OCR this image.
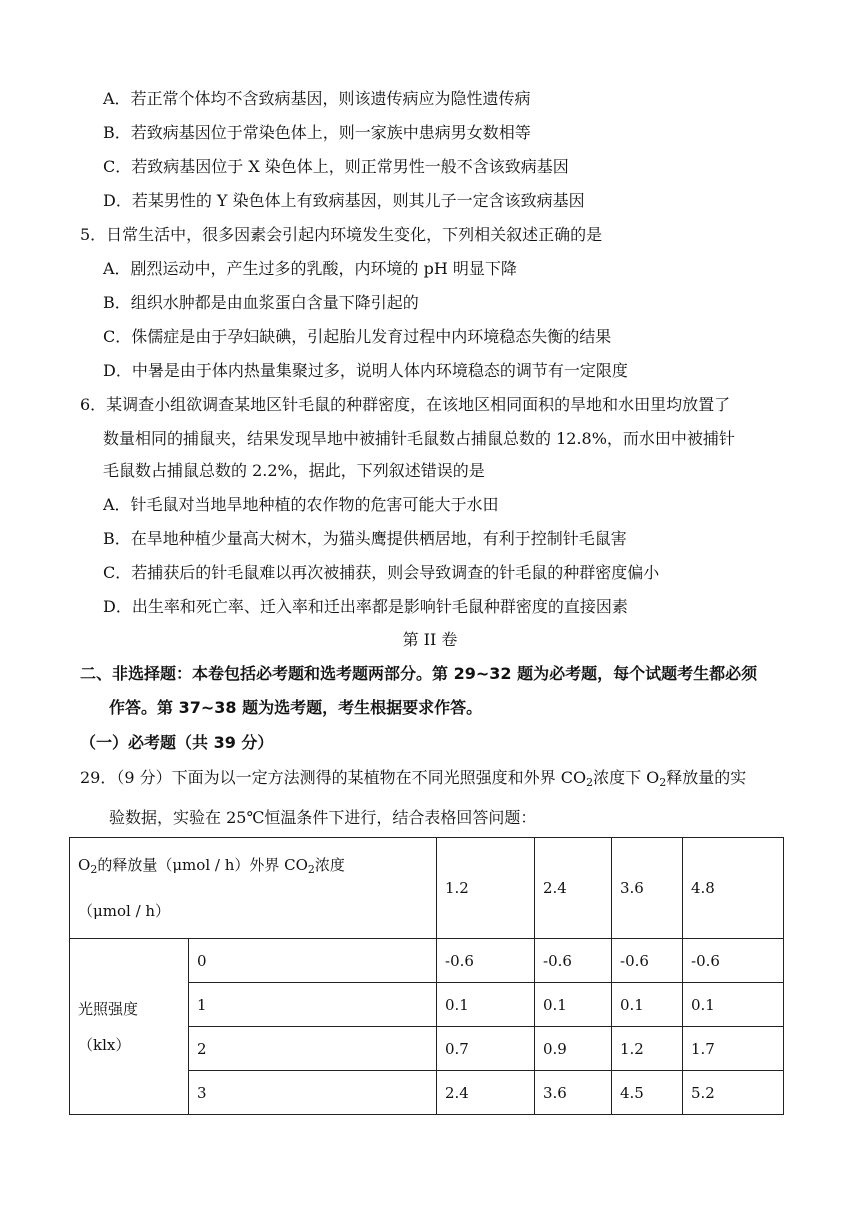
A．若正常个体均不含致病基因，则该遗传病应为隐性遗传病
B．若致病基因位于常染色体上，则一家族中患病男女数相等
C．若致病基因位于 X 染色体上，则正常男性一般不含该致病基因
D．若某男性的 Y 染色体上有致病基因，则其儿子一定含该致病基因
5．日常生活中，很多因素会引起内环境发生变化，下列相关叙述正确的是
A．剧烈运动中，产生过多的乳酸，内环境的 pH 明显下降
B．组织水肿都是由血浆蛋白含量下降引起的
C．侏儒症是由于孕妇缺碘，引起胎儿发育过程中内环境稳态失衡的结果
D．中暑是由于体内热量集聚过多，说明人体内环境稳态的调节有一定限度
6．某调查小组欲调查某地区针毛鼠的种群密度，在该地区相同面积的旱地和水田里均放置了
数量相同的捕鼠夹，结果发现旱地中被捕针毛鼠数占捕鼠总数的 12.8%，而水田中被捕针
毛鼠数占捕鼠总数的 2.2%，据此，下列叙述错误的是
A．针毛鼠对当地旱地种植的农作物的危害可能大于水田
B．在旱地种植少量高大树木，为猫头鹰提供栖居地，有利于控制针毛鼠害
C．若捕获后的针毛鼠难以再次被捕获，则会导致调查的针毛鼠的种群密度偏小
D．出生率和死亡率、迁入率和迁出率都是影响针毛鼠种群密度的直接因素
第 II 卷
二、非选择题：本卷包括必考题和选考题两部分。第 29~32 题为必考题，每个试题考生都必须
作答。第 37~38 题为选考题，考生根据要求作答。
（一）必考题（共 39 分）
29．（9 分）下面为以一定方法测得的某植物在不同光照强度和外界 $CO_2$浓度下 $O_2$释放量的实
验数据，实验在 25℃恒温条件下进行，结合表格回答问题：
$O_2$的释放量（μmol / h）外界 $CO_2$浓度
（μmol / h）		1.2	2.4	3.6	4.8

光照强度
（klx）	0	-0.6	-0.6	-0.6	-0.6
	1	0.1	0.1	0.1	0.1
	2	0.7	0.9	1.2	1.7
	3	2.4	3.6	4.5	5.2
